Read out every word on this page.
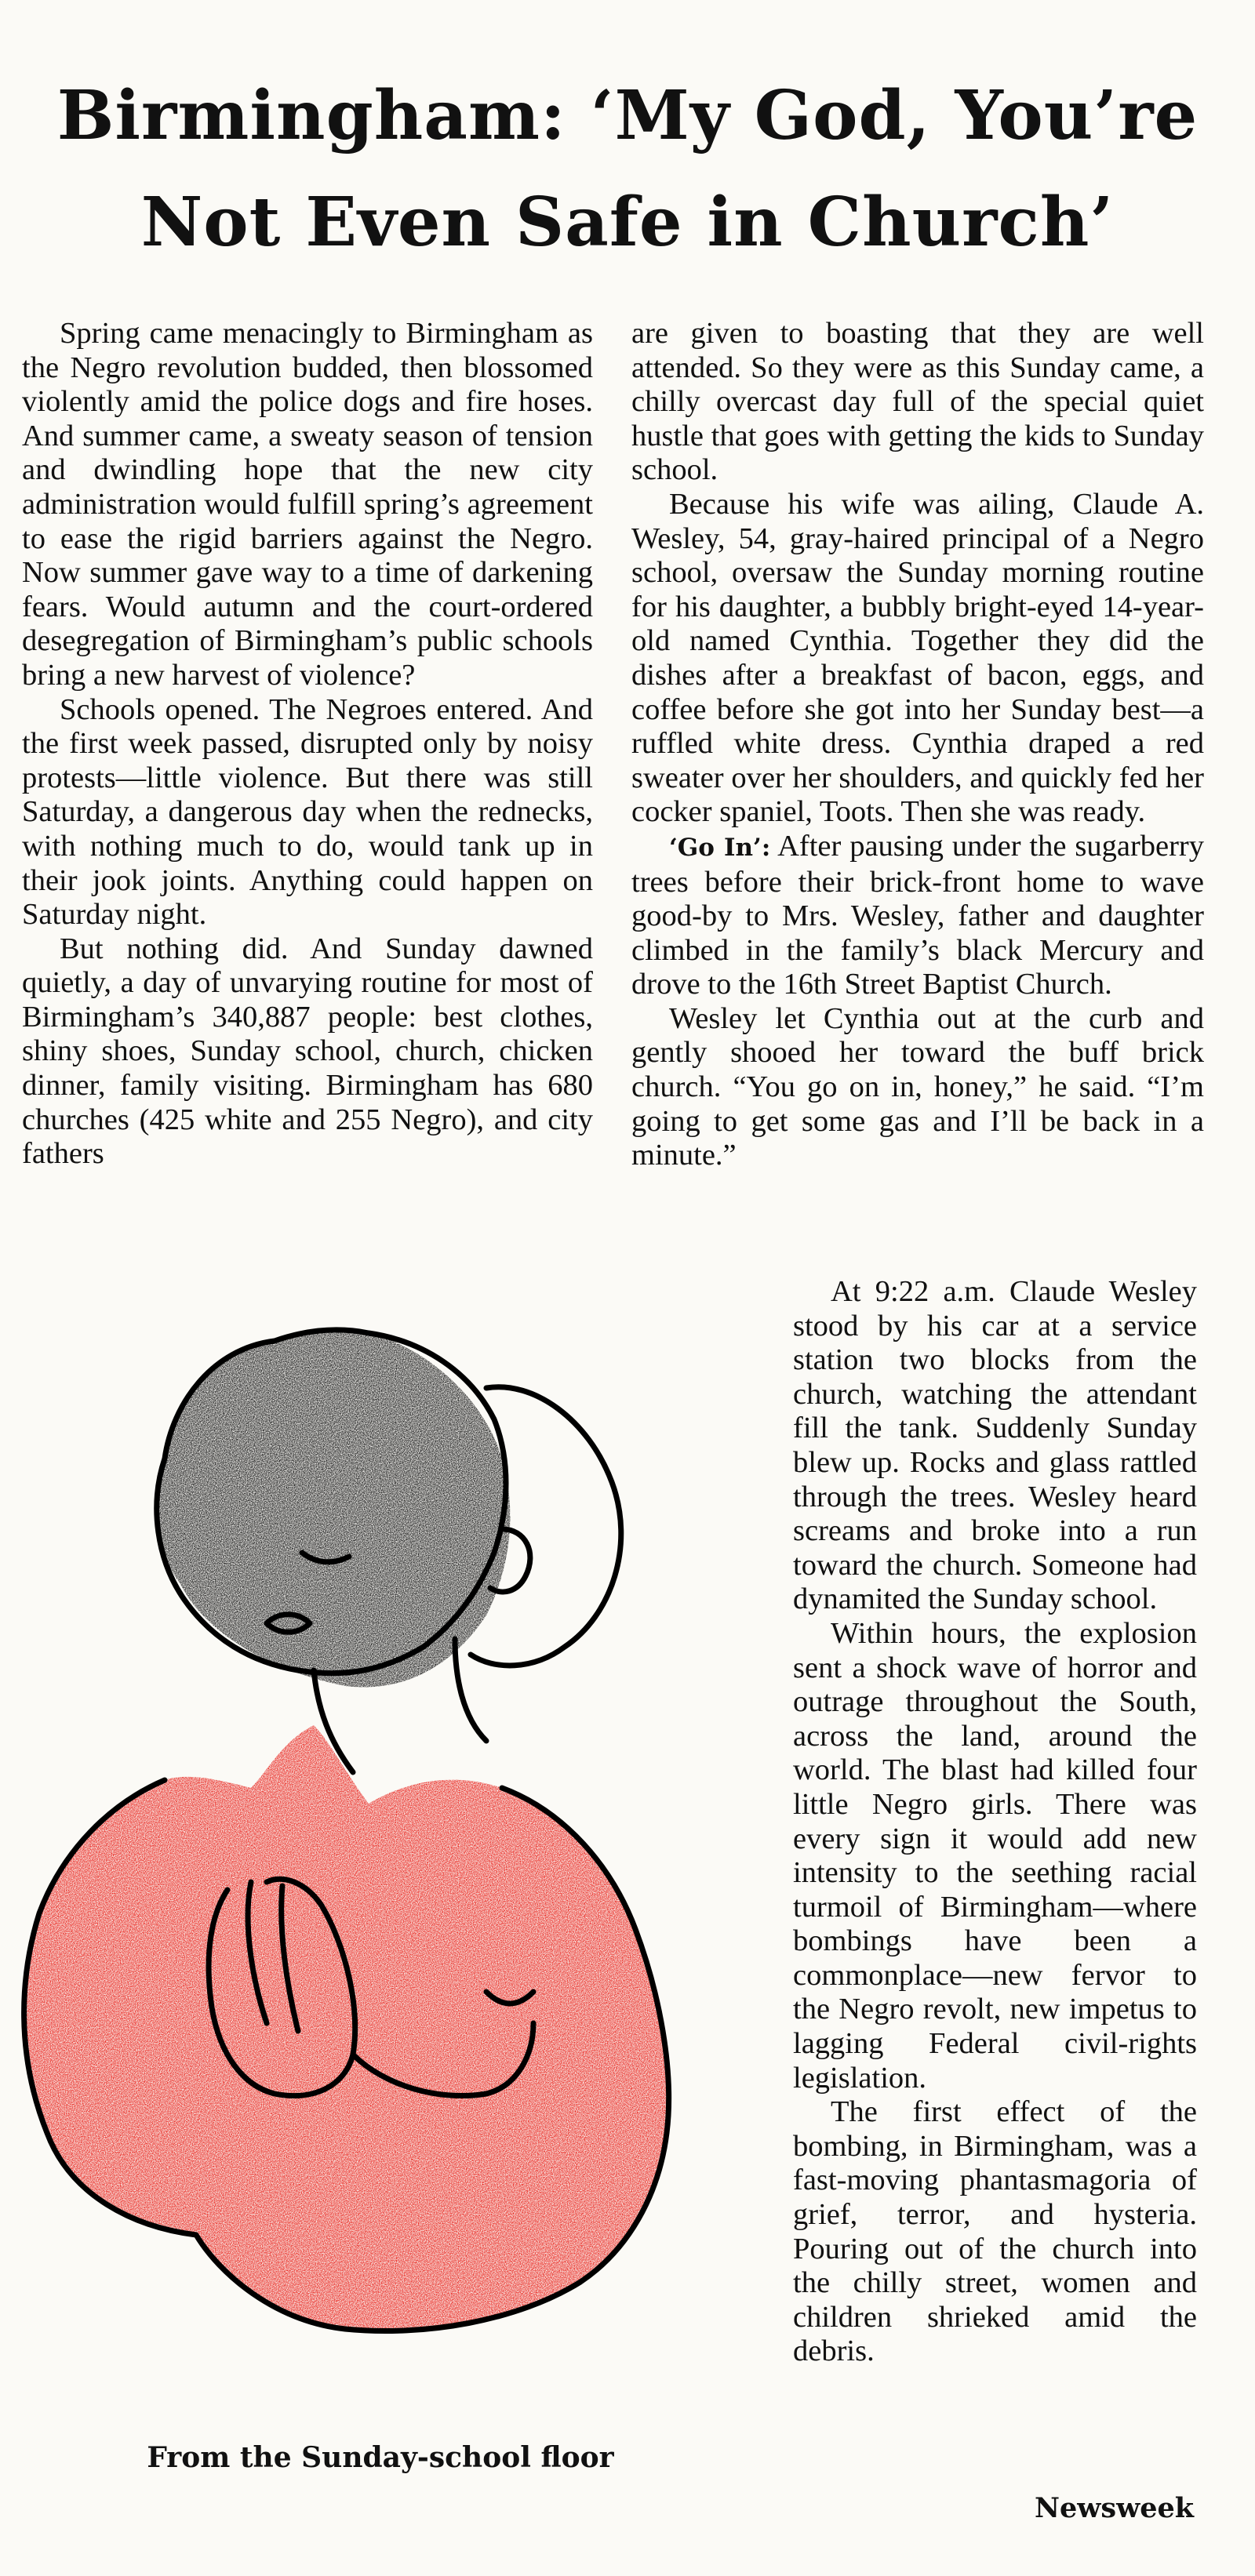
Birmingham: ‘My God, You’re
Not Even Safe in Church’

Spring came menacingly to Birmingham as the Negro revolution budded, then blossomed violently amid the police dogs and fire hoses. And summer came, a sweaty season of tension and dwindling hope that the new city administration would fulfill spring’s agreement to ease the rigid barriers against the Negro. Now summer gave way to a time of darkening fears. Would autumn and the court-ordered desegregation of Birmingham’s public schools bring a new harvest of violence?

Schools opened. The Negroes entered. And the first week passed, disrupted only by noisy protests—little violence. But there was still Saturday, a dangerous day when the rednecks, with nothing much to do, would tank up in their jook joints. Anything could happen on Saturday night.

But nothing did. And Sunday dawned quietly, a day of unvarying routine for most of Birmingham’s 340,887 people: best clothes, shiny shoes, Sunday school, church, chicken dinner, family visiting. Birmingham has 680 churches (425 white and 255 Negro), and city fathers

are given to boasting that they are well attended. So they were as this Sunday came, a chilly overcast day full of the special quiet hustle that goes with getting the kids to Sunday school.

Because his wife was ailing, Claude A. Wesley, 54, gray-haired principal of a Negro school, oversaw the Sunday morning routine for his daughter, a bubbly bright-eyed 14-year-old named Cynthia. Together they did the dishes after a breakfast of bacon, eggs, and coffee before she got into her Sunday best—a ruffled white dress. Cynthia draped a red sweater over her shoulders, and quickly fed her cocker spaniel, Toots. Then she was ready.

‘Go In’: After pausing under the sugarberry trees before their brick-front home to wave good-by to Mrs. Wesley, father and daughter climbed in the family’s black Mercury and drove to the 16th Street Baptist Church.

Wesley let Cynthia out at the curb and gently shooed her toward the buff brick church. “You go on in, honey,” he said. “I’m going to get some gas and I’ll be back in a minute.”

At 9:22 a.m. Claude Wesley stood by his car at a service station two blocks from the church, watching the attendant fill the tank. Suddenly Sunday blew up. Rocks and glass rattled through the trees. Wesley heard screams and broke into a run toward the church. Someone had dynamited the Sunday school.

Within hours, the explosion sent a shock wave of horror and outrage throughout the South, across the land, around the world. The blast had killed four little Negro girls. There was every sign it would add new intensity to the seething racial turmoil of Birmingham—where bombings have been a commonplace—new fervor to the Negro revolt, new impetus to lagging Federal civil-rights legislation.

The first effect of the bombing, in Birmingham, was a fast-moving phantasmagoria of grief, terror, and hysteria. Pouring out of the church into the chilly street, women and children shrieked amid the debris.

From the Sunday-school floor
Newsweek
